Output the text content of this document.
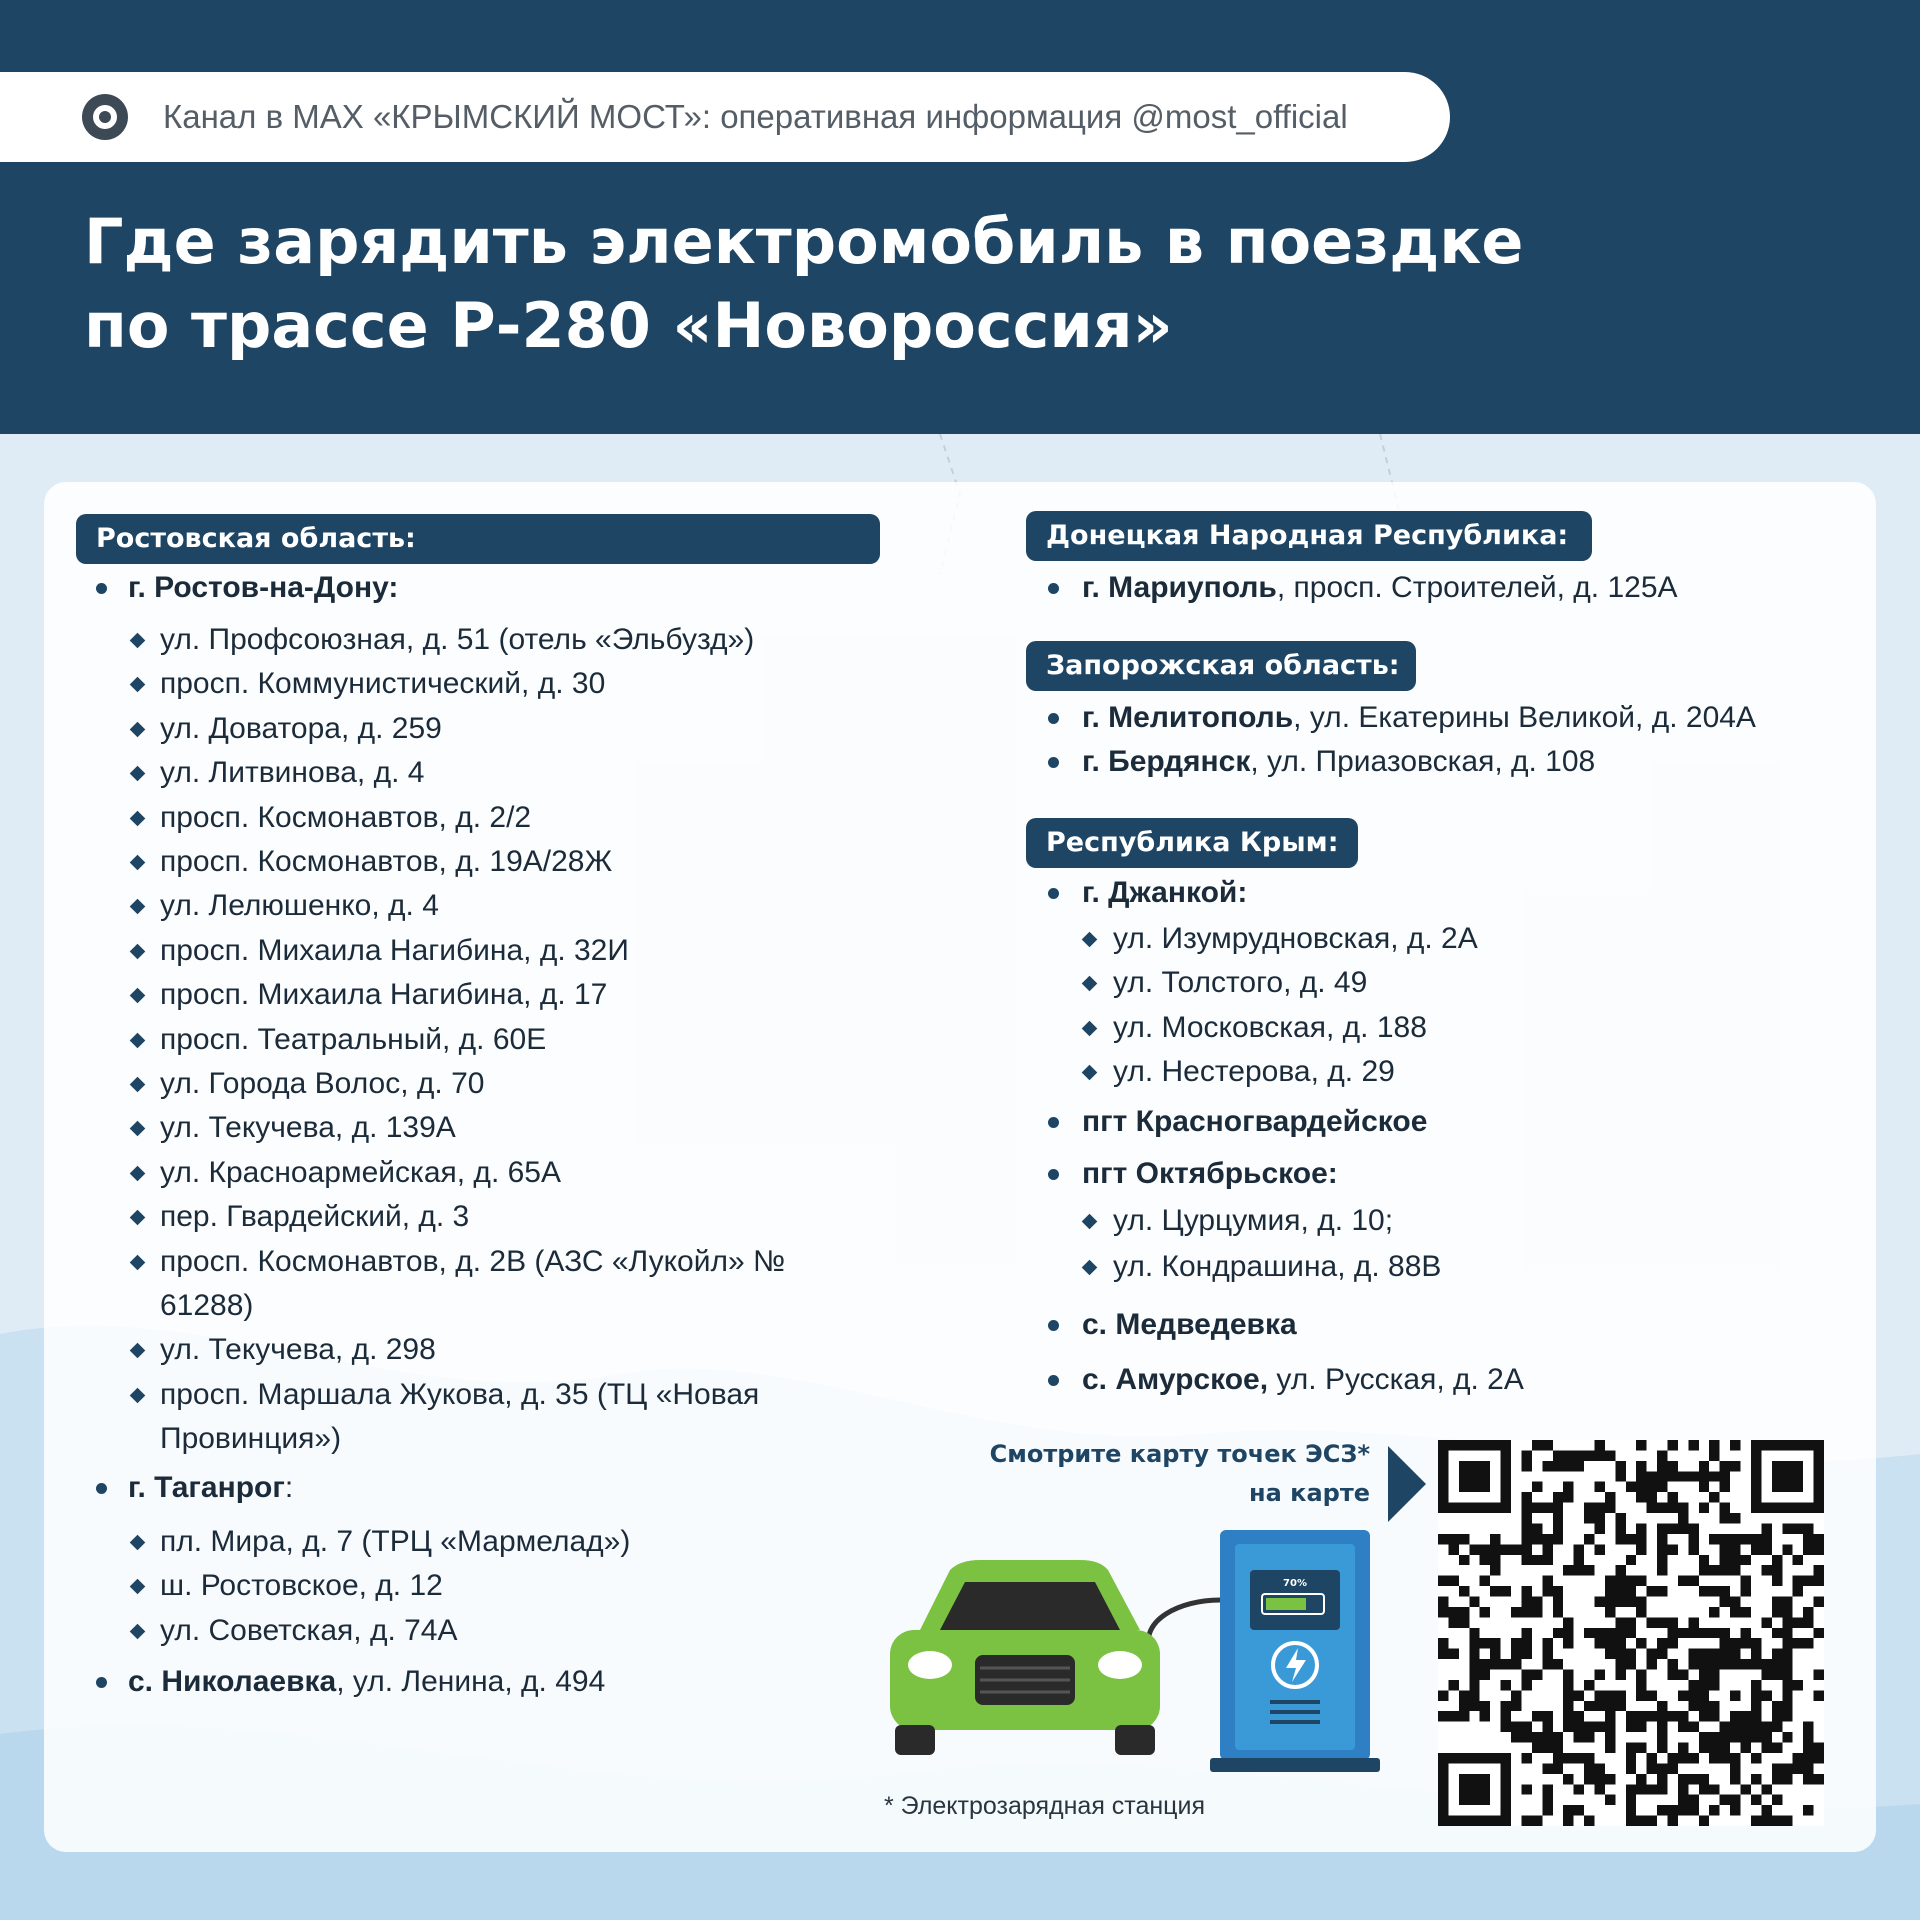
Канал в МАХ «КРЫМСКИЙ МОСТ»: оперативная информация @most_official
Где зарядить электромобиль в поездке
по трассе Р-280 «Новороссия»
Ростовская область:
г. Ростов-на-Дону:
ул. Профсоюзная, д. 51 (отель «Эльбузд»)
просп. Коммунистический, д. 30
ул. Доватора, д. 259
ул. Литвинова, д. 4
просп. Космонавтов, д. 2/2
просп. Космонавтов, д. 19А/28Ж
ул. Лелюшенко, д. 4
просп. Михаила Нагибина, д. 32И
просп. Михаила Нагибина, д. 17
просп. Театральный, д. 60Е
ул. Города Волос, д. 70
ул. Текучева, д. 139А
ул. Красноармейская, д. 65А
пер. Гвардейский, д. 3
просп. Космонавтов, д. 2В (АЗС «Лукойл» № 61288)
ул. Текучева, д. 298
просп. Маршала Жукова, д. 35 (ТЦ «Новая Провинция»)
г. Таганрог:
пл. Мира, д. 7 (ТРЦ «Мармелад»)
ш. Ростовское, д. 12
ул. Советская, д. 74А
с. Николаевка, ул. Ленина, д. 494
Донецкая Народная Республика:
г. Мариуполь, просп. Строителей, д. 125А
Запорожская область:
г. Мелитополь, ул. Екатерины Великой, д. 204А
г. Бердянск, ул. Приазовская, д. 108
Республика Крым:
г. Джанкой:
ул. Изумрудновская, д. 2А
ул. Толстого, д. 49
ул. Московская, д. 188
ул. Нестерова, д. 29
пгт Красногвардейское
пгт Октябрьское:
ул. Цурцумия, д. 10;
ул. Кондрашина, д. 88В
с. Медведевка
с. Амурское, ул. Русская, д. 2А
Смотрите карту точек ЭСЗ*
на карте
70%
* Электрозарядная станция
